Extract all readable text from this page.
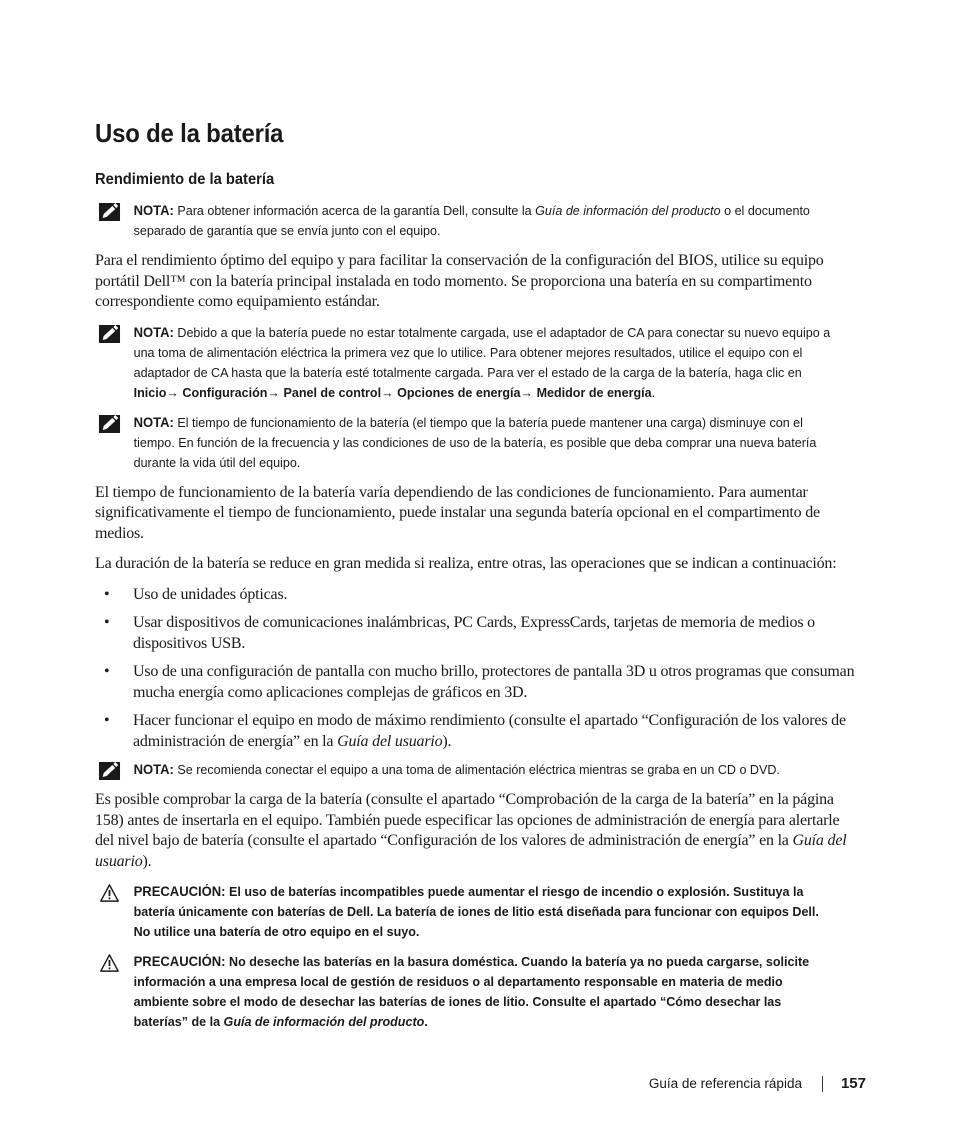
Uso de la batería
Rendimiento de la batería
NOTA: Para obtener información acerca de la garantía Dell, consulte la Guía de información del producto o el documento separado de garantía que se envía junto con el equipo.

Para el rendimiento óptimo del equipo y para facilitar la conservación de la configuración del BIOS, utilice su equipo portátil Dell™ con la batería principal instalada en todo momento. Se proporciona una batería en su compartimento correspondiente como equipamiento estándar.

NOTA: Debido a que la batería puede no estar totalmente cargada, use el adaptador de CA para conectar su nuevo equipo a una toma de alimentación eléctrica la primera vez que lo utilice. Para obtener mejores resultados, utilice el equipo con el adaptador de CA hasta que la batería esté totalmente cargada. Para ver el estado de la carga de la batería, haga clic en Inicio→ Configuración→ Panel de control→ Opciones de energía→ Medidor de energía.
NOTA: El tiempo de funcionamiento de la batería (el tiempo que la batería puede mantener una carga) disminuye con el tiempo. En función de la frecuencia y las condiciones de uso de la batería, es posible que deba comprar una nueva batería durante la vida útil del equipo.

El tiempo de funcionamiento de la batería varía dependiendo de las condiciones de funcionamiento. Para aumentar significativamente el tiempo de funcionamiento, puede instalar una segunda batería opcional en el compartimento de medios.

La duración de la batería se reduce en gran medida si realiza, entre otras, las operaciones que se indican a continuación:

• Uso de unidades ópticas.
• Usar dispositivos de comunicaciones inalámbricas, PC Cards, ExpressCards, tarjetas de memoria de medios o dispositivos USB.
• Uso de una configuración de pantalla con mucho brillo, protectores de pantalla 3D u otros programas que consuman mucha energía como aplicaciones complejas de gráficos en 3D.
• Hacer funcionar el equipo en modo de máximo rendimiento (consulte el apartado “Configuración de los valores de administración de energía” en la Guía del usuario).
NOTA: Se recomienda conectar el equipo a una toma de alimentación eléctrica mientras se graba en un CD o DVD.

Es posible comprobar la carga de la batería (consulte el apartado “Comprobación de la carga de la batería” en la página 158) antes de insertarla en el equipo. También puede especificar las opciones de administración de energía para alertarle del nivel bajo de batería (consulte el apartado “Configuración de los valores de administración de energía” en la Guía del usuario).

PRECAUCIÓN: El uso de baterías incompatibles puede aumentar el riesgo de incendio o explosión. Sustituya la batería únicamente con baterías de Dell. La batería de iones de litio está diseñada para funcionar con equipos Dell. No utilice una batería de otro equipo en el suyo.
PRECAUCIÓN: No deseche las baterías en la basura doméstica. Cuando la batería ya no pueda cargarse, solicite información a una empresa local de gestión de residuos o al departamento responsable en materia de medio ambiente sobre el modo de desechar las baterías de iones de litio. Consulte el apartado “Cómo desechar las baterías” de la Guía de información del producto.
Guía de referencia rápida	157
